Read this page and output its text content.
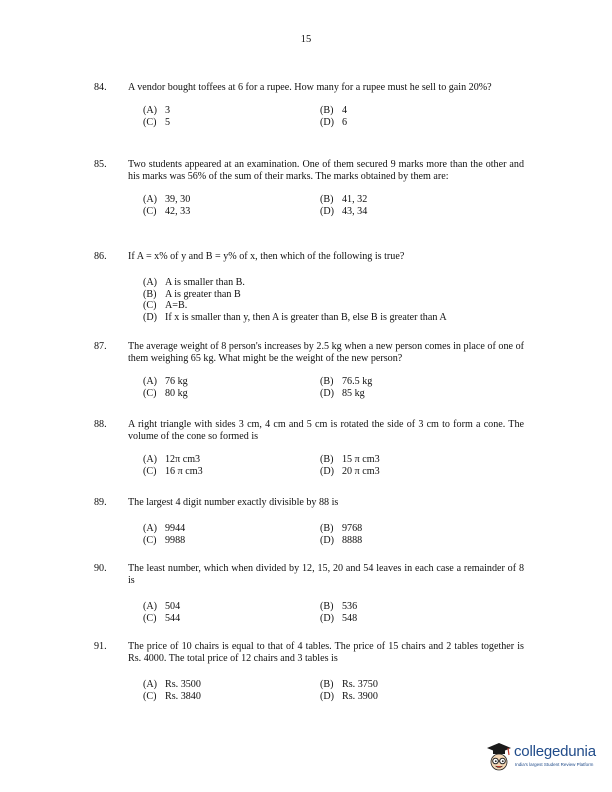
15
84. A vendor bought toffees at 6 for a rupee. How many for a rupee must he sell to gain 20%?
(A) 3	(B) 4
(C) 5	(D) 6
85. Two students appeared at an examination. One of them secured 9 marks more than the other and his marks was 56% of the sum of their marks. The marks obtained by them are:
(A) 39, 30	(B) 41, 32
(C) 42, 33	(D) 43, 34
86. If A = x% of y and B = y% of x, then which of the following is true?
(A) A is smaller than B.
(B) A is greater than B
(C) A=B.
(D) If x is smaller than y, then A is greater than B, else B is greater than A
87. The average weight of 8 person's increases by 2.5 kg when a new person comes in place of one of them weighing 65 kg. What might be the weight of the new person?
(A) 76 kg	(B) 76.5 kg
(C) 80 kg	(D) 85 kg
88. A right triangle with sides 3 cm, 4 cm and 5 cm is rotated the side of 3 cm to form a cone. The volume of the cone so formed is
(A) 12π cm3	(B) 15 π cm3
(C) 16 π cm3	(D) 20 π cm3
89. The largest 4 digit number exactly divisible by 88 is
(A) 9944	(B) 9768
(C) 9988	(D) 8888
90. The least number, which when divided by 12, 15, 20 and 54 leaves in each case a remainder of 8 is
(A) 504	(B) 536
(C) 544	(D) 548
91. The price of 10 chairs is equal to that of 4 tables. The price of 15 chairs and 2 tables together is Rs. 4000. The total price of 12 chairs and 3 tables is
(A) Rs. 3500	(B) Rs. 3750
(C) Rs. 3840	(D) Rs. 3900
collegedunia
India's largest Student Review Platform
